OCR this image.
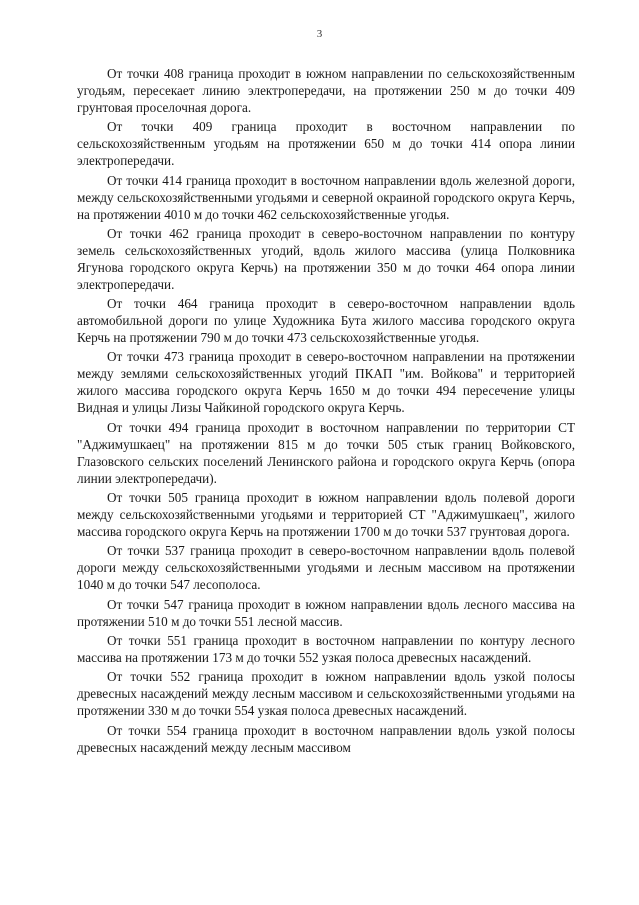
3

От точки 408 граница проходит в южном направлении по сельскохозяйственным угодьям, пересекает линию электропередачи, на протяжении 250 м до точки 409 грунтовая проселочная дорога.

От точки 409 граница проходит в восточном направлении по сельскохозяйственным угодьям на протяжении 650 м до точки 414 опора линии электропередачи.

От точки 414 граница проходит в восточном направлении вдоль железной дороги, между сельскохозяйственными угодьями и северной окраиной городского округа Керчь, на протяжении 4010 м до точки 462 сельскохозяйственные угодья.

От точки 462 граница проходит в северо-восточном направлении по контуру земель сельскохозяйственных угодий, вдоль жилого массива (улица Полковника Ягунова городского округа Керчь) на протяжении 350 м до точки 464 опора линии электропередачи.

От точки 464 граница проходит в северо-восточном направлении вдоль автомобильной дороги по улице Художника Бута жилого массива городского округа Керчь на протяжении 790 м до точки 473 сельскохозяйственные угодья.

От точки 473 граница проходит в северо-восточном направлении на протяжении между землями сельскохозяйственных угодий ПКАП "им. Войкова" и территорией жилого массива городского округа Керчь 1650 м до точки 494 пересечение улицы Видная и улицы Лизы Чайкиной городского округа Керчь.

От точки 494 граница проходит в восточном направлении по территории СТ "Аджимушкаец" на протяжении 815 м до точки 505 стык границ Войковского, Глазовского сельских поселений Ленинского района и городского округа Керчь (опора линии электропередачи).

От точки 505 граница проходит в южном направлении вдоль полевой дороги между сельскохозяйственными угодьями и территорией СТ "Аджимушкаец", жилого массива городского округа Керчь на протяжении 1700 м до точки 537 грунтовая дорога.

От точки 537 граница проходит в северо-восточном направлении вдоль полевой дороги между сельскохозяйственными угодьями и лесным массивом на протяжении 1040 м до точки 547 лесополоса.

От точки 547 граница проходит в южном направлении вдоль лесного массива на протяжении 510 м до точки 551 лесной массив.

От точки 551 граница проходит в восточном направлении по контуру лесного массива на протяжении 173 м до точки 552 узкая полоса древесных насаждений.

От точки 552 граница проходит в южном направлении вдоль узкой полосы древесных насаждений между лесным массивом и сельскохозяйственными угодьями на протяжении 330 м до точки 554 узкая полоса древесных насаждений.

От точки 554 граница проходит в восточном направлении вдоль узкой полосы древесных насаждений между лесным массивом
